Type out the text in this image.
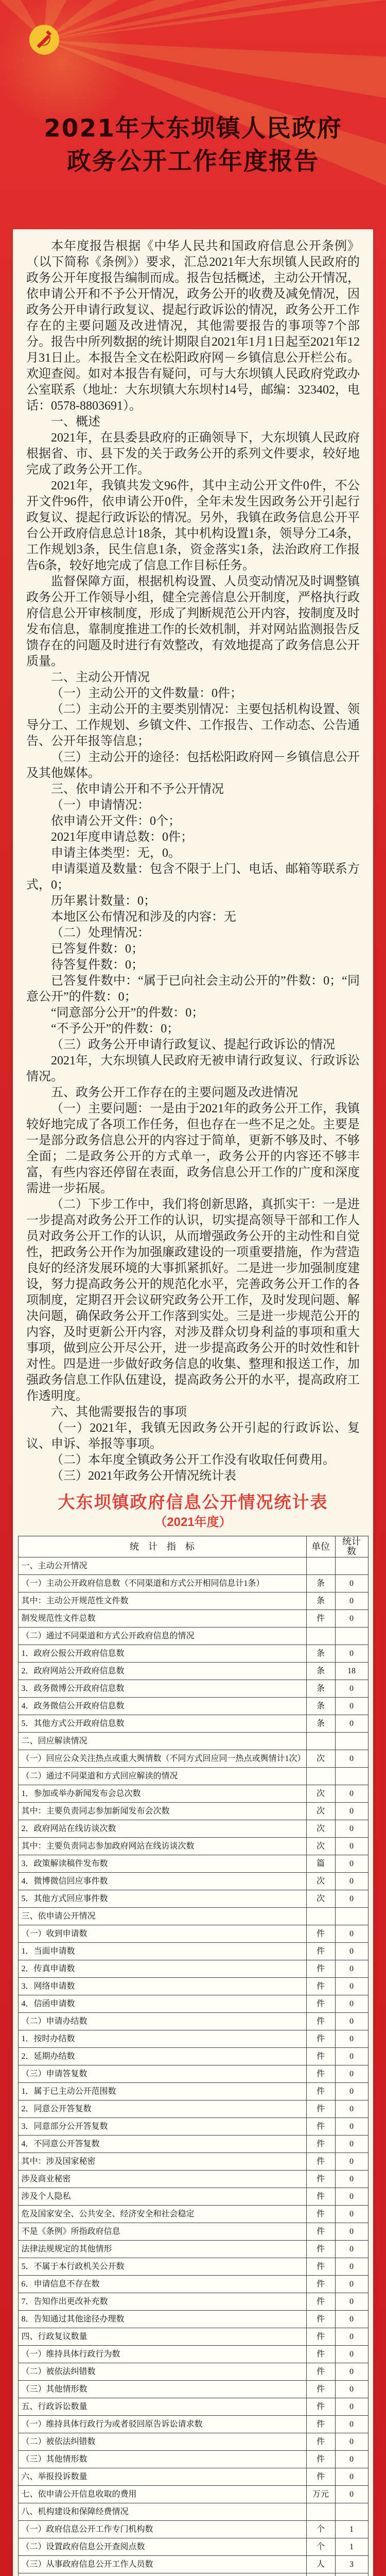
2021年大东坝镇人民政府
政务公开工作年度报告

本年度报告根据《中华人民共和国政府信息公开条例》（以下简称《条例》）要求，汇总2021年大东坝镇人民政府的政务公开年度报告编制而成。报告包括概述，主动公开情况，依申请公开和不予公开情况，政务公开的收费及减免情况，因政务公开申请行政复议、提起行政诉讼的情况，政务公开工作存在的主要问题及改进情况，其他需要报告的事项等7个部分。报告中所列数据的统计期限自2021年1月1日起至2021年12月31日止。本报告全文在松阳政府网－乡镇信息公开栏公布。欢迎查阅。如对本报告有疑问，可与大东坝镇人民政府党政办公室联系（地址：大东坝镇大东坝村14号，邮编：323402，电话：0578-8803691）。

一、概述

2021年，在县委县政府的正确领导下，大东坝镇人民政府根据省、市、县下发的关于政务公开的系列文件要求，较好地完成了政务公开工作。

2021年，我镇共发文96件，其中主动公开文件0件，不公开文件96件，依申请公开0件，全年未发生因政务公开引起行政复议、提起行政诉讼的情况。另外，我镇在政务信息公开平台公开政府信息总计18条，其中机构设置1条，领导分工4条，工作规划3条，民生信息1条，资金落实1条，法治政府工作报告6条，较好地完成了信息工作目标任务。

监督保障方面，根据机构设置、人员变动情况及时调整镇政务公开工作领导小组，健全完善信息公开制度，严格执行政府信息公开审核制度，形成了判断规范公开内容，按制度及时发布信息，靠制度推进工作的长效机制，并对网站监测报告反馈存在的问题及时进行有效整改，有效地提高了政务信息公开质量。

二、主动公开情况

（一）主动公开的文件数量：0件；

（二）主动公开的主要类别情况：主要包括机构设置、领导分工、工作规划、乡镇文件、工作报告、工作动态、公告通告、公开年报等信息；

（三）主动公开的途径：包括松阳政府网－乡镇信息公开及其他媒体。

三、依申请公开和不予公开情况

（一）申请情况：

依申请公开文件：0个；

2021年度申请总数：0件；

申请主体类型：无，0。

申请渠道及数量：包含不限于上门、电话、邮箱等联系方式，0；

历年累计数量：0；

本地区公布情况和涉及的内容：无

（二）处理情况：

已答复件数：0；

待答复件数：0；

已答复件数中：“属于已向社会主动公开的”件数：0；“同意公开”的件数：0；

“同意部分公开”的件数：0；

“不予公开”的件数：0；

（三）政务公开申请行政复议、提起行政诉讼的情况

2021年，大东坝镇人民政府无被申请行政复议、行政诉讼情况。

五、政务公开工作存在的主要问题及改进情况

（一）主要问题：一是由于2021年的政务公开工作，我镇较好地完成了各项工作任务，但也存在一些不足之处。主要是一是部分政务信息公开的内容过于简单，更新不够及时、不够全面；二是政务公开的方式单一，政务公开的内容还不够丰富，有些内容还停留在表面，政务信息公开工作的广度和深度需进一步拓展。

（二）下步工作中，我们将创新思路，真抓实干：一是进一步提高对政务公开工作的认识，切实提高领导干部和工作人员对政务公开工作的认识，从而增强政务公开的主动性和自觉性，把政务公开作为加强廉政建设的一项重要措施，作为营造良好的经济发展环境的大事抓紧抓好。二是进一步加强制度建设，努力提高政务公开的规范化水平，完善政务公开工作的各项制度，定期召开会议研究政务公开工作，及时发现问题、解决问题，确保政务公开工作落到实处。三是进一步规范公开的内容，及时更新公开内容，对涉及群众切身利益的事项和重大事项，做到应公开尽公开，进一步提高政务公开的时效性和针对性。四是进一步做好政务信息的收集、整理和报送工作，加强政务信息工作队伍建设，提高政务公开的水平，提高政府工作透明度。

六、其他需要报告的事项

（一）2021年，我镇无因政务公开引起的行政诉讼、复议、申诉、举报等事项。

（二）本年度全镇政务公开工作没有收取任何费用。

（三）2021年政务公开情况统计表

大东坝镇政府信息公开情况统计表
（2021年度）
统　计　指　标	单位	统计数
一、主动公开情况		
（一）主动公开政府信息数（不同渠道和方式公开相同信息计1条）	条	0
其中：主动公开规范性文件数	条	0
制发规范性文件总数	件	0
（二）通过不同渠道和方式公开政府信息的情况		
1．政府公报公开政府信息数	条	0
2．政府网站公开政府信息数	条	18
3．政务微博公开政府信息数	条	0
4．政务微信公开政府信息数	条	0
5．其他方式公开政府信息数	条	0
二、回应解读情况		
（一）回应公众关注热点或重大舆情数（不同方式回应同一热点或舆情计1次）	次	0
（二）通过不同渠道和方式回应解读的情况		
1．参加或举办新闻发布会总次数	次	0
其中：主要负责同志参加新闻发布会次数	次	0
2．政府网站在线访谈次数	次	0
其中：主要负责同志参加政府网站在线访谈次数	次	0
3．政策解读稿件发布数	篇	0
4．微博微信回应事件数	次	0
5．其他方式回应事件数	次	0
三、依申请公开情况		
（一）收到申请数	件	0
1．当面申请数	件	0
2．传真申请数	件	0
3．网络申请数	件	0
4．信函申请数	件	0
（二）申请办结数	件	0
1．按时办结数	件	0
2．延期办结数	件	0
（三）申请答复数	件	0
1．属于已主动公开范围数	件	0
2．同意公开答复数	件	0
3．同意部分公开答复数	件	0
4．不同意公开答复数	件	0
其中：涉及国家秘密	件	0
涉及商业秘密	件	0
涉及个人隐私	件	0
危及国家安全、公共安全、经济安全和社会稳定	件	0
不是《条例》所指政府信息	件	0
法律法规规定的其他情形	件	0
5．不属于本行政机关公开数	件	0
6．申请信息不存在数	件	0
7．告知作出更改补充数	件	0
8．告知通过其他途径办理数	件	0
四、行政复议数量	件	0
（一）维持具体行政行为数	件	0
（二）被依法纠错数	件	0
（三）其他情形数	件	0
五、行政诉讼数量	件	0
（一）维持具体行政行为或者驳回原告诉讼请求数	件	0
（二）被依法纠错数	件	0
（三）其他情形数	件	0
六、举报投诉数量	件	0
七、依申请公开信息收取的费用	万元	0
八、机构建设和保障经费情况		
（一）政府信息公开工作专门机构数	个	1
（二）设置政府信息公开查阅点数	个	1
（三）从事政府信息公开工作人员数	人	3
